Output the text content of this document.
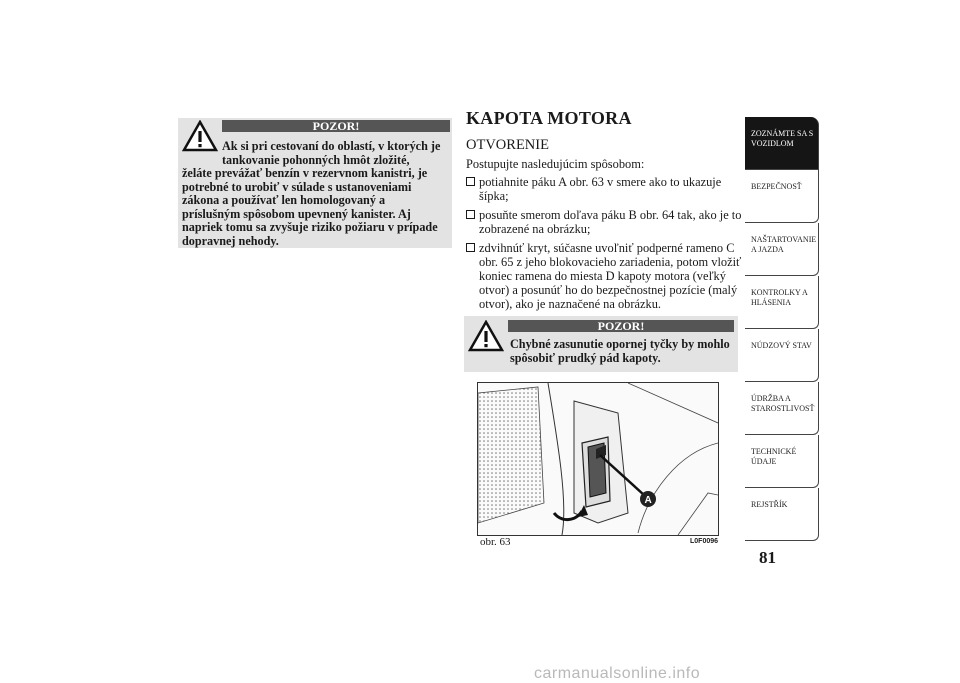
POZOR!
Ak si pri cestovaní do oblastí, v ktorých je tankovanie pohonných hmôt zložité,
želáte prevážať benzín v rezervnom kanistri, je potrebné to urobiť v súlade s ustanoveniami zákona a používať len homologovaný a príslušným spôsobom upevnený kanister. Aj napriek tomu sa zvyšuje riziko požiaru v prípade dopravnej nehody.
KAPOTA MOTORA
OTVORENIE
Postupujte nasledujúcim spôsobom:
potiahnite páku A obr. 63 v smere ako to ukazuje šípka;
posuňte smerom doľava páku B obr. 64 tak, ako je to zobrazené na obrázku;
zdvihnúť kryt, súčasne uvoľniť podperné rameno C obr. 65 z jeho blokovacieho zariadenia, potom vložiť koniec ramena do miesta D kapoty motora (veľký otvor) a posunúť ho do bezpečnostnej pozície (malý otvor), ako je naznačené na obrázku.
POZOR!
Chybné zasunutie opornej tyčky by mohlo spôsobiť prudký pád kapoty.
A
obr. 63	L0F0096
ZOZNÁMTE SA S VOZIDLOM
BEZPEČNOSŤ
NAŠTARTOVANIE A JAZDA
KONTROLKY A HLÁSENIA
NÚDZOVÝ STAV
ÚDRŽBA A STAROSTLIVOSŤ
TECHNICKÉ ÚDAJE
REJSTŘÍK
81
carmanualsonline.info
